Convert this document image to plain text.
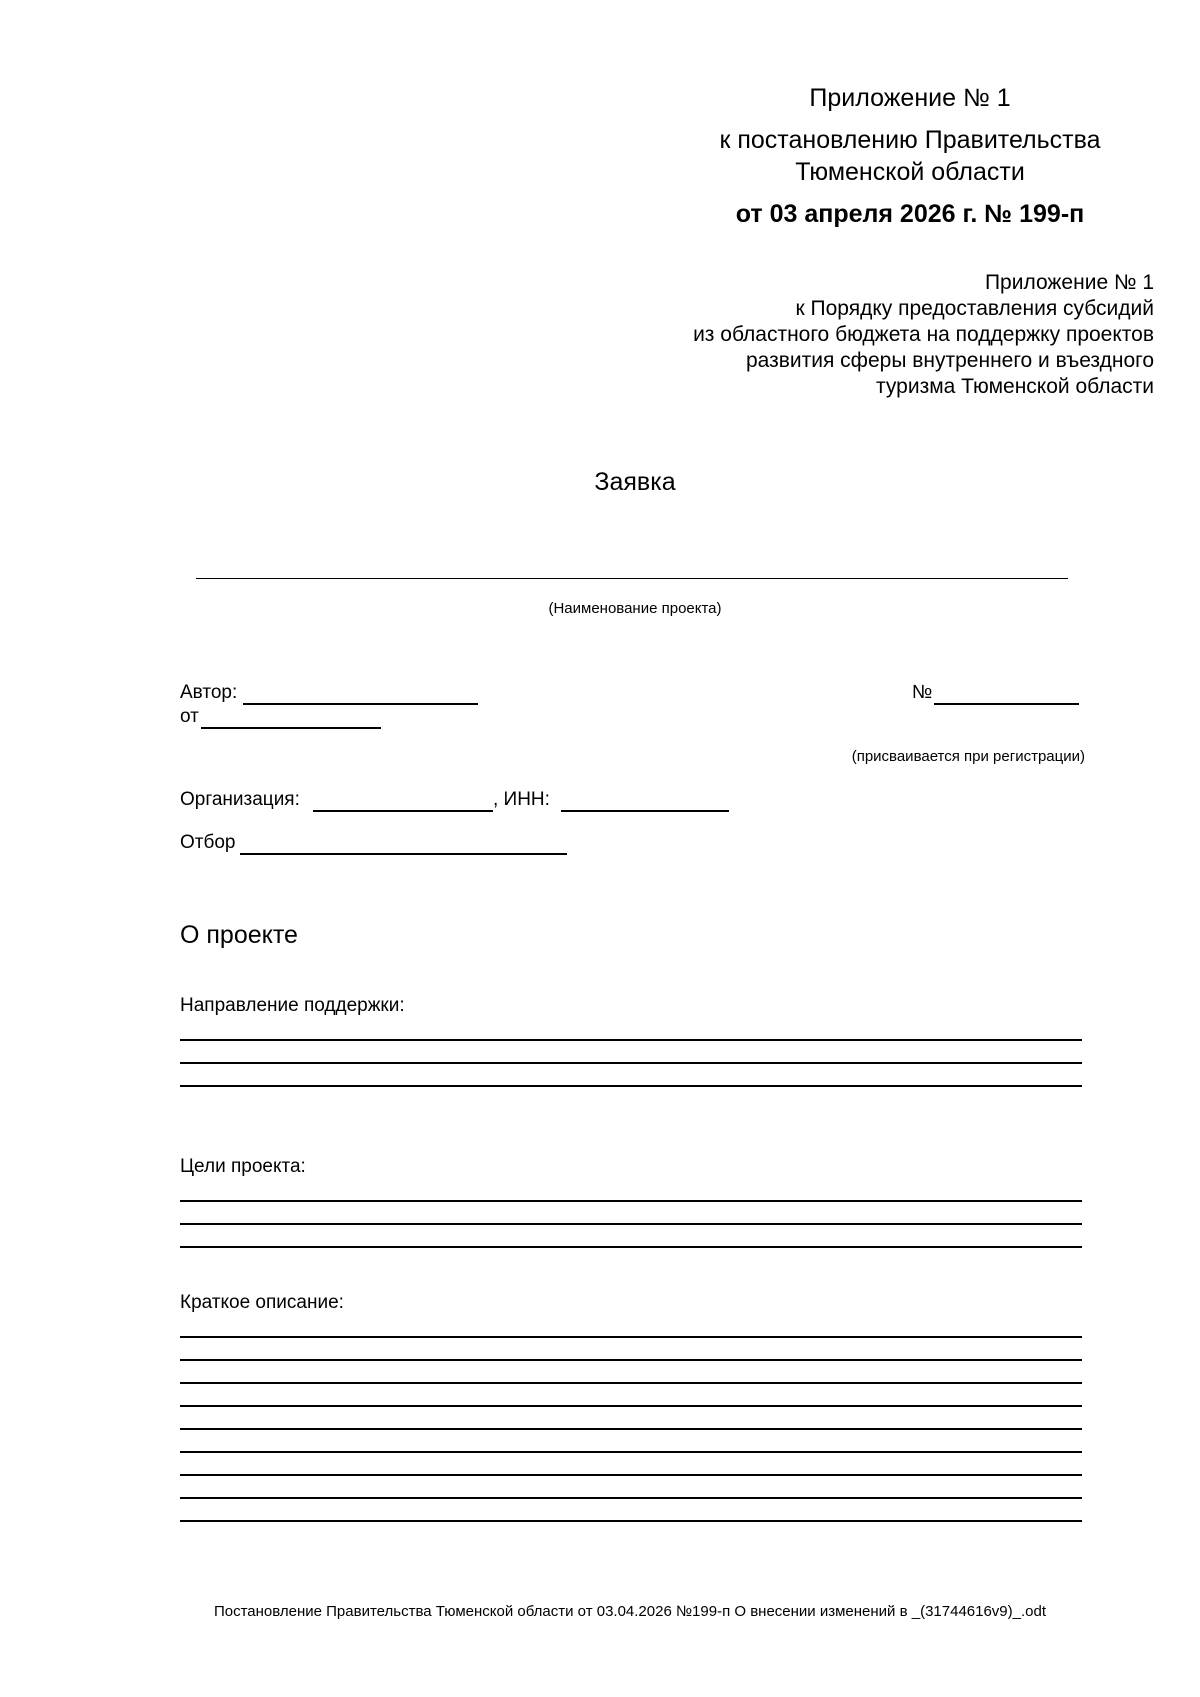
Приложение № 1
к постановлению Правительства
Тюменской области
от 03 апреля 2026 г. № 199-п
Приложение № 1
к Порядку предоставления субсидий
из областного бюджета на поддержку проектов
развития сферы внутреннего и въездного
туризма Тюменской области
Заявка
(Наименование проекта)
Автор:
от
№
(присваивается при регистрации)
Организация:	, ИНН:
Отбор
О проекте
Направление поддержки:
Цели проекта:
Краткое описание:
Постановление Правительства Тюменской области от 03.04.2026 №199-п О внесении изменений в _(31744616v9)_.odt
